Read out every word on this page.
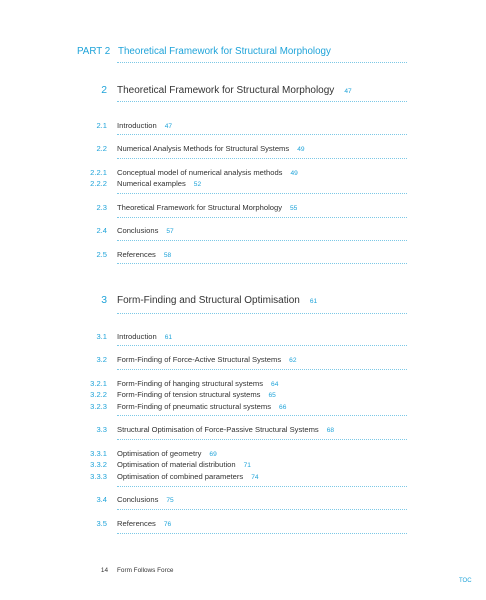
PART 2 Theoretical Framework for Structural Morphology
2 Theoretical Framework for Structural Morphology 47
2.1 Introduction 47
2.2 Numerical Analysis Methods for Structural Systems 49
2.2.1 Conceptual model of numerical analysis methods 49
2.2.2 Numerical examples 52
2.3 Theoretical Framework for Structural Morphology 55
2.4 Conclusions 57
2.5 References 58
3 Form-Finding and Structural Optimisation 61
3.1 Introduction 61
3.2 Form-Finding of Force-Active Structural Systems 62
3.2.1 Form-Finding of hanging structural systems 64
3.2.2 Form-Finding of tension structural systems 65
3.2.3 Form-Finding of pneumatic structural systems 66
3.3 Structural Optimisation of Force-Passive Structural Systems 68
3.3.1 Optimisation of geometry 69
3.3.2 Optimisation of material distribution 71
3.3.3 Optimisation of combined parameters 74
3.4 Conclusions 75
3.5 References 76
14 Form Follows Force
TOC
